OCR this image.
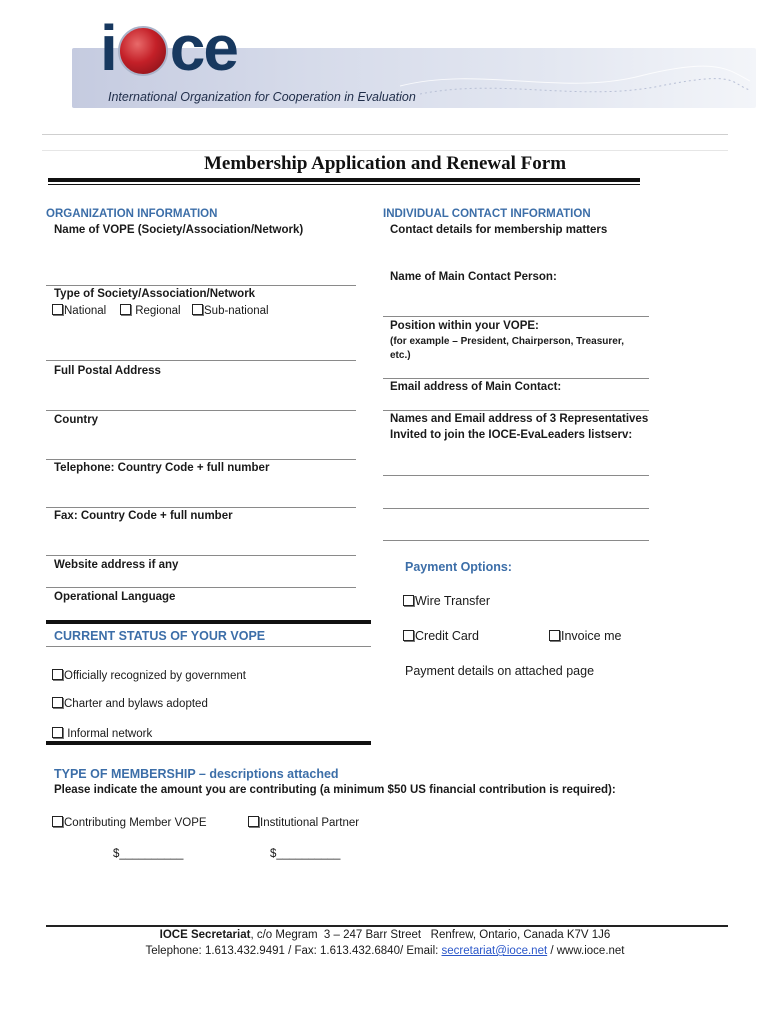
i ce
International Organization for Cooperation in Evaluation
Membership Application and Renewal Form
ORGANIZATION INFORMATION
Name of VOPE (Society/Association/Network)
Type of Society/Association/Network
National	Regional	Sub-national
Full Postal Address
Country
Telephone: Country Code + full number
Fax: Country Code + full number
Website address if any
Operational Language
CURRENT STATUS OF YOUR VOPE
Officially recognized by government
Charter and bylaws adopted
Informal network
INDIVIDUAL CONTACT INFORMATION
Contact details for membership matters
Name of Main Contact Person:
Position within your VOPE:
(for example – President, Chairperson, Treasurer,
etc.)
Email address of Main Contact:
Names and Email address of 3 Representatives
Invited to join the IOCE-EvaLeaders listserv:
Payment Options:
Wire Transfer
Credit Card	Invoice me
Payment details on attached page
TYPE OF MEMBERSHIP – descriptions attached
Please indicate the amount you are contributing (a minimum $50 US financial contribution is required):
Contributing Member VOPE	Institutional Partner
$__________	$__________
IOCE Secretariat, c/o Megram  3 – 247 Barr Street   Renfrew, Ontario, Canada K7V 1J6
Telephone: 1.613.432.9491 / Fax: 1.613.432.6840/ Email: secretariat@ioce.net / www.ioce.net
